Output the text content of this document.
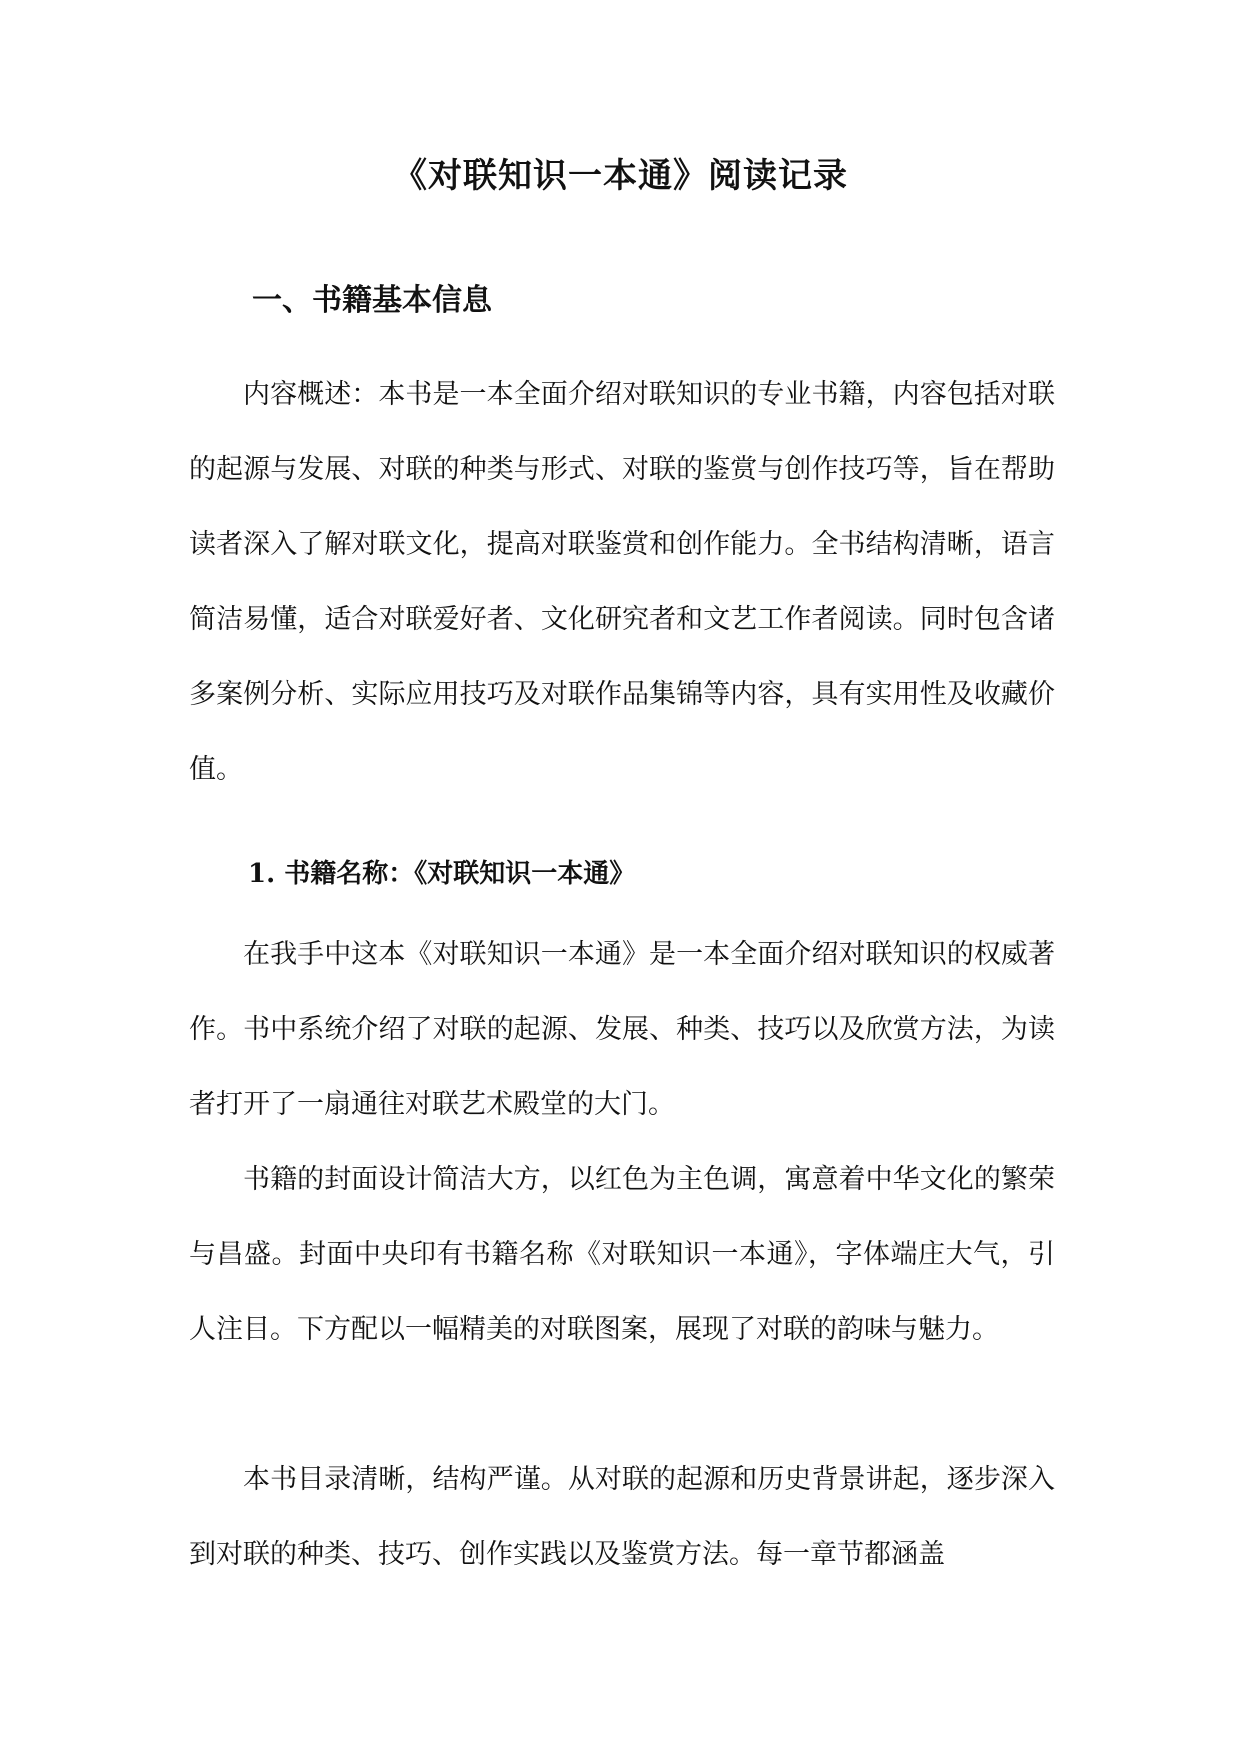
《对联知识一本通》阅读记录
一、书籍基本信息

内容概述：本书是一本全面介绍对联知识的专业书籍，内容包括对联的起源与发展、对联的种类与形式、对联的鉴赏与创作技巧等，旨在帮助读者深入了解对联文化，提高对联鉴赏和创作能力。全书结构清晰，语言简洁易懂，适合对联爱好者、文化研究者和文艺工作者阅读。同时包含诸多案例分析、实际应用技巧及对联作品集锦等内容，具有实用性及收藏价值。

1. 书籍名称：《对联知识一本通》

在我手中这本《对联知识一本通》是一本全面介绍对联知识的权威著作。书中系统介绍了对联的起源、发展、种类、技巧以及欣赏方法，为读者打开了一扇通往对联艺术殿堂的大门。

书籍的封面设计简洁大方，以红色为主色调，寓意着中华文化的繁荣与昌盛。封面中央印有书籍名称《对联知识一本通》，字体端庄大气，引人注目。下方配以一幅精美的对联图案，展现了对联的韵味与魅力。

本书目录清晰，结构严谨。从对联的起源和历史背景讲起，逐步深入到对联的种类、技巧、创作实践以及鉴赏方法。每一章节都涵盖
